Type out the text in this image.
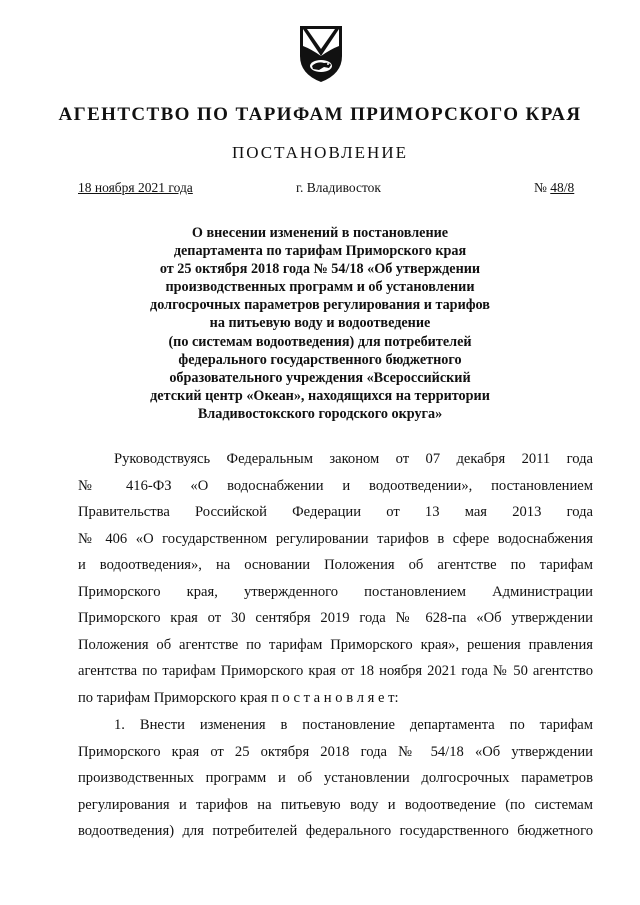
АГЕНТСТВО ПО ТАРИФАМ ПРИМОРСКОГО КРАЯ
ПОСТАНОВЛЕНИЕ
18 ноября 2021 года	г. Владивосток	№ 48/8
О внесении изменений в постановление
департамента по тарифам Приморского края
от 25 октября 2018 года № 54/18 «Об утверждении
производственных программ и об установлении
долгосрочных параметров регулирования и тарифов
на питьевую воду и водоотведение
(по системам водоотведения) для потребителей
федерального государственного бюджетного
образовательного учреждения «Всероссийский
детский центр «Океан», находящихся на территории
Владивостокского городского округа»
Руководствуясь Федеральным законом от 07 декабря 2011 года
№ 416-ФЗ «О водоснабжении и водоотведении», постановлением
Правительства Российской Федерации от 13 мая 2013 года
№ 406 «О государственном регулировании тарифов в сфере водоснабжения
и водоотведения», на основании Положения об агентстве по тарифам
Приморского края, утвержденного постановлением Администрации
Приморского края от 30 сентября 2019 года № 628-па «Об утверждении
Положения об агентстве по тарифам Приморского края», решения правления
агентства по тарифам Приморского края от 18 ноября 2021 года № 50 агентство
по тарифам Приморского края п о с т а н о в л я е т:
1. Внести изменения в постановление департамента по тарифам
Приморского края от 25 октября 2018 года № 54/18 «Об утверждении
производственных программ и об установлении долгосрочных параметров
регулирования и тарифов на питьевую воду и водоотведение (по системам
водоотведения) для потребителей федерального государственного бюджетного
